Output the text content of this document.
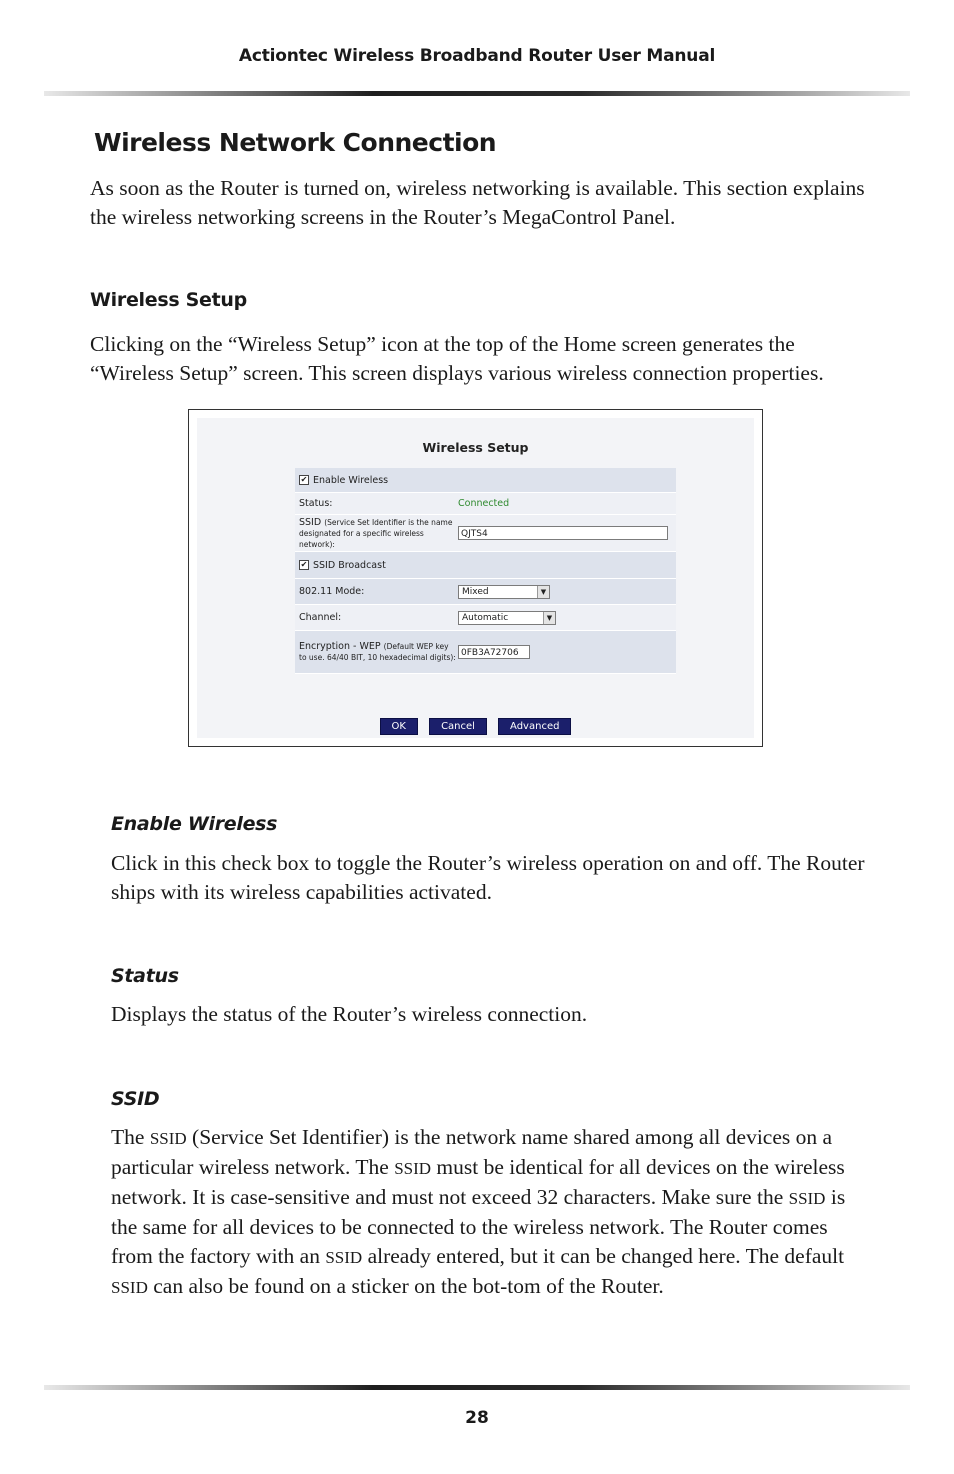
Actiontec Wireless Broadband Router User Manual
Wireless Network Connection

As soon as the Router is turned on, wireless networking is available. This section explains the wireless networking screens in the Router’s MegaControl Panel.

Wireless Setup

Clicking on the “Wireless Setup” icon at the top of the Home screen generates the “Wireless Setup” screen. This screen displays various wireless connection properties.

Wireless Setup
✔ Enable Wireless
Status:	Connected
SSID (Service Set Identifier is the name designated for a specific wireless network):
QJTS4
✔ SSID Broadcast
802.11 Mode:	Mixed	▼
Channel:	Automatic	▼
Encryption - WEP (Default WEP key to use. 64/40 BIT, 10 hexadecimal digits): 0FB3A72706
OK	Cancel	Advanced
Enable Wireless

Click in this check box to toggle the Router’s wireless operation on and off. The Router ships with its wireless capabilities activated.

Status

Displays the status of the Router’s wireless connection.

SSID

The SSID (Service Set Identifier) is the network name shared among all devices on a particular wireless network. The SSID must be identical for all devices on the wireless network. It is case-sensitive and must not exceed 32 characters. Make sure the SSID is the same for all devices to be connected to the wireless network. The Router comes from the factory with an SSID already entered, but it can be changed here. The default SSID can also be found on a sticker on the bot-tom of the Router.

28
